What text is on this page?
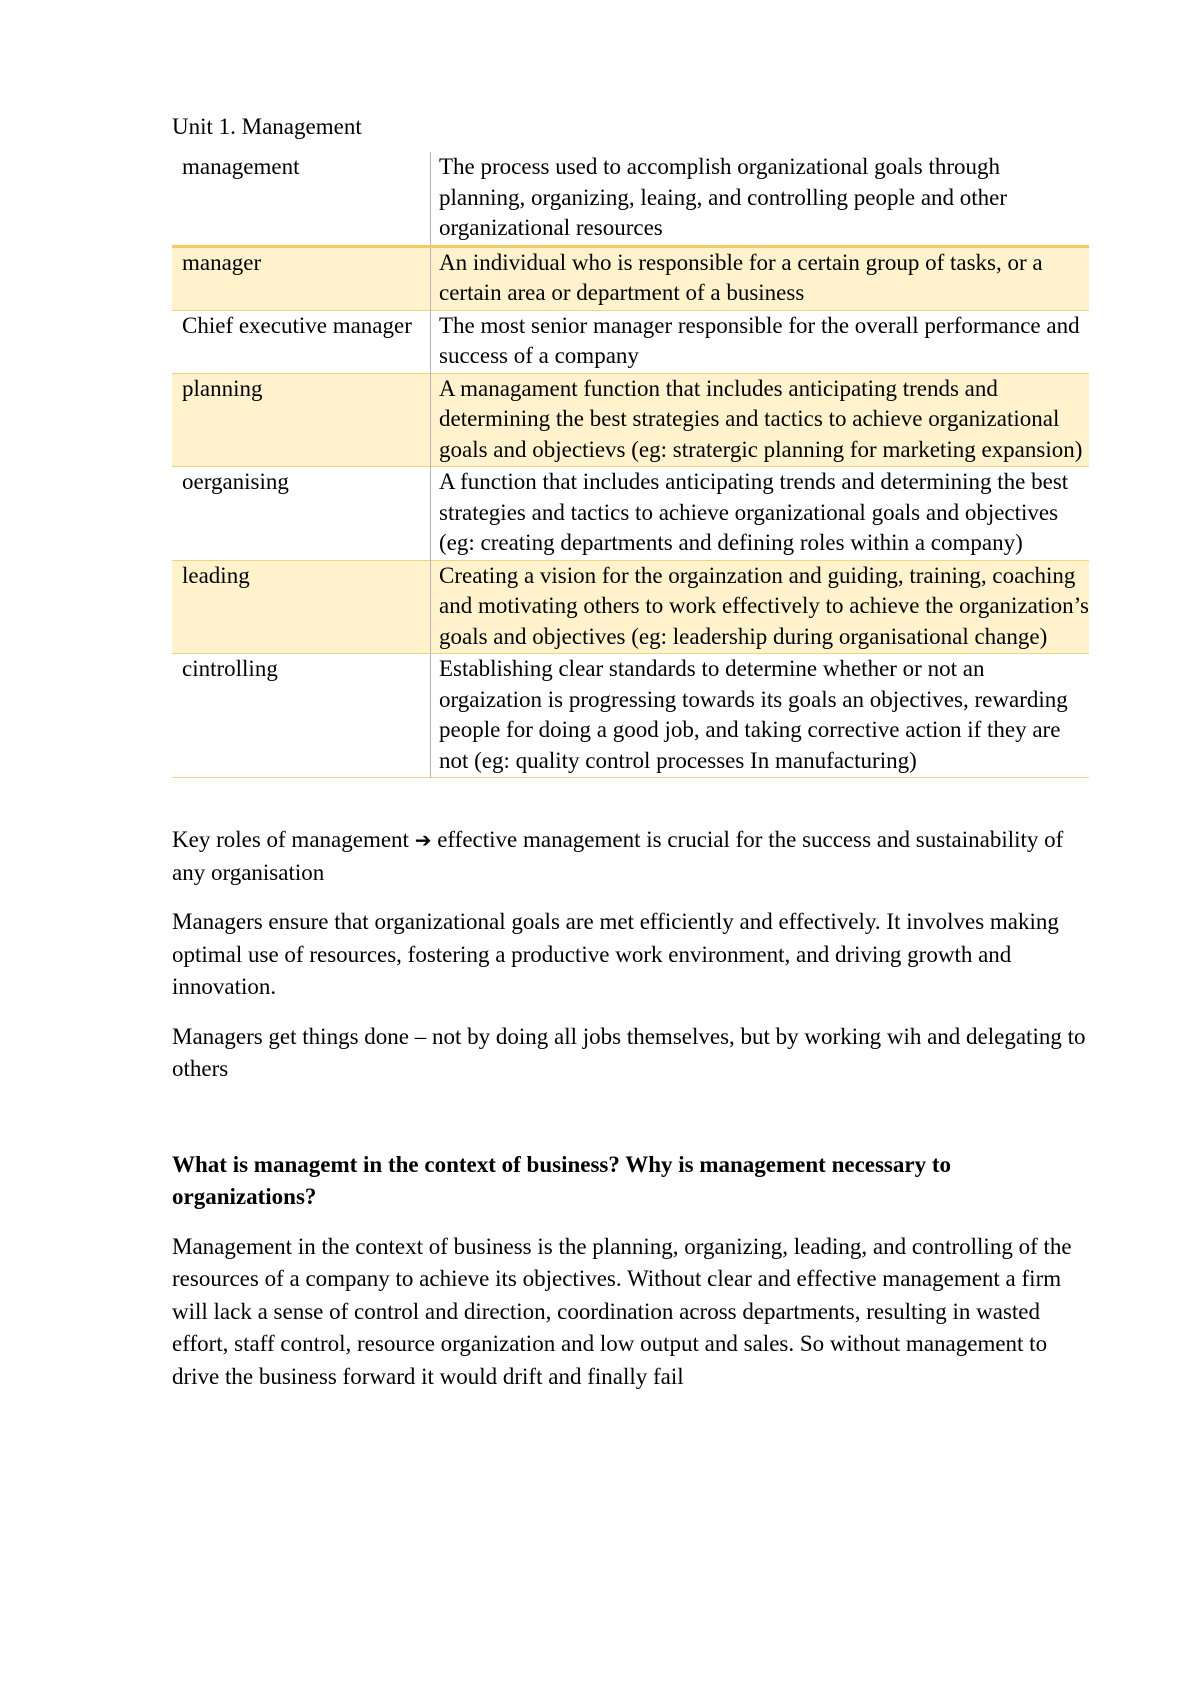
Unit 1. Management

management	The process used to accomplish organizational goals through planning, organizing, leaing, and controlling people and other organizational resources
manager	An individual who is responsible for a certain group of tasks, or a certain area or department of a business
Chief executive manager	The most senior manager responsible for the overall performance and success of a company
planning	A managament function that includes anticipating trends and determining the best strategies and tactics to achieve organizational goals and objectievs (eg: stratergic planning for marketing expansion)
oerganising	A function that includes anticipating trends and determining the best strategies and tactics to achieve organizational goals and objectives (eg: creating departments and defining roles within a company)
leading	Creating a vision for the orgainzation and guiding, training, coaching and motivating others to work effectively to achieve the organization’s goals and objectives (eg: leadership during organisational change)
cintrolling	Establishing clear standards to determine whether or not an orgaization is progressing towards its goals an objectives, rewarding people for doing a good job, and taking corrective action if they are not (eg: quality control processes In manufacturing)

Key roles of management ➔ effective management is crucial for the success and sustainability of any organisation

Managers ensure that organizational goals are met efficiently and effectively. It involves making optimal use of resources, fostering a productive work environment, and driving growth and innovation.

Managers get things done – not by doing all jobs themselves, but by working wih and delegating to others

What is managemt in the context of business? Why is management necessary to organizations?

Management in the context of business is the planning, organizing, leading, and controlling of the resources of a company to achieve its objectives. Without clear and effective management a firm will lack a sense of control and direction, coordination across departments, resulting in wasted effort, staff control, resource organization and low output and sales. So without management to drive the business forward it would drift and finally fail
